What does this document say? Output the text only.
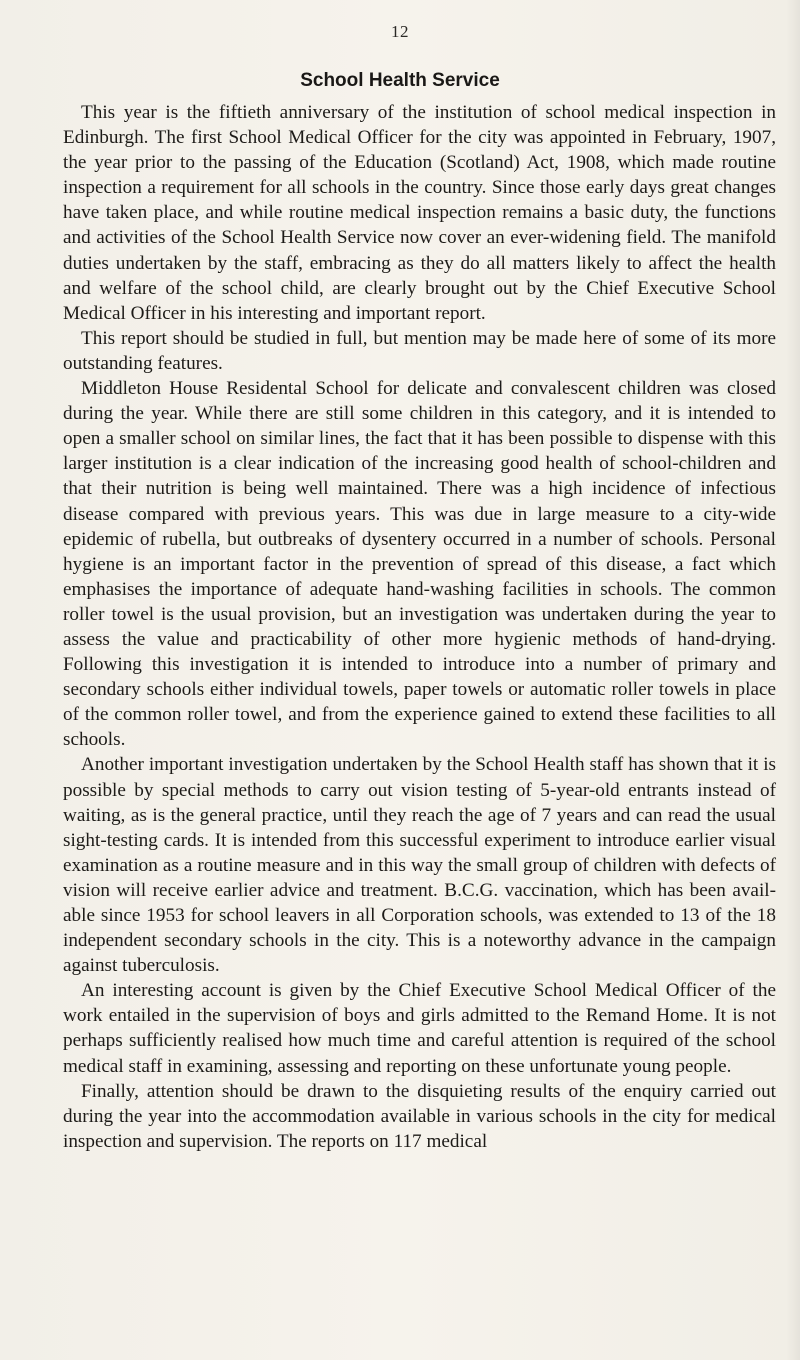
12
School Health Service

This year is the fiftieth anniversary of the institution of school medical inspection in Edinburgh. The first School Medical Officer for the city was appointed in February, 1907, the year prior to the passing of the Education (Scotland) Act, 1908, which made routine inspection a requirement for all schools in the country. Since those early days great changes have taken place, and while routine medical inspection remains a basic duty, the functions and activities of the School Health Service now cover an ever-widening field. The manifold duties undertaken by the staff, embracing as they do all matters likely to affect the health and welfare of the school child, are clearly brought out by the Chief Executive School Medical Officer in his interesting and important report.

This report should be studied in full, but mention may be made here of some of its more outstanding features.

Middleton House Residental School for delicate and convalescent children was closed during the year. While there are still some children in this category, and it is intended to open a smaller school on similar lines, the fact that it has been possible to dispense with this larger institution is a clear indication of the increasing good health of school-children and that their nutrition is being well maintained. There was a high incidence of infectious disease compared with previous years. This was due in large measure to a city-wide epidemic of rubella, but outbreaks of dysentery occurred in a number of schools. Personal hygiene is an important factor in the prevention of spread of this disease, a fact which emphasises the importance of adequate hand-washing facilities in schools. The common roller towel is the usual provision, but an investigation was undertaken during the year to assess the value and practicability of other more hygienic methods of hand-drying. Following this investigation it is intended to introduce into a number of primary and secondary schools either individual towels, paper towels or automatic roller towels in place of the common roller towel, and from the experience gained to extend these facilities to all schools.

Another important investigation undertaken by the School Health staff has shown that it is possible by special methods to carry out vision testing of 5-year-old entrants instead of waiting, as is the general practice, until they reach the age of 7 years and can read the usual sight-testing cards. It is intended from this successful experiment to introduce earlier visual examination as a routine measure and in this way the small group of children with defects of vision will receive earlier advice and treatment. B.C.G. vaccination, which has been available since 1953 for school leavers in all Corporation schools, was extended to 13 of the 18 independent secondary schools in the city. This is a noteworthy advance in the campaign against tuberculosis.

An interesting account is given by the Chief Executive School Medical Officer of the work entailed in the supervision of boys and girls admitted to the Remand Home. It is not perhaps sufficiently realised how much time and careful attention is required of the school medical staff in examining, assessing and reporting on these unfortunate young people.

Finally, attention should be drawn to the disquieting results of the enquiry carried out during the year into the accommodation available in various schools in the city for medical inspection and supervision. The reports on 117 medical
